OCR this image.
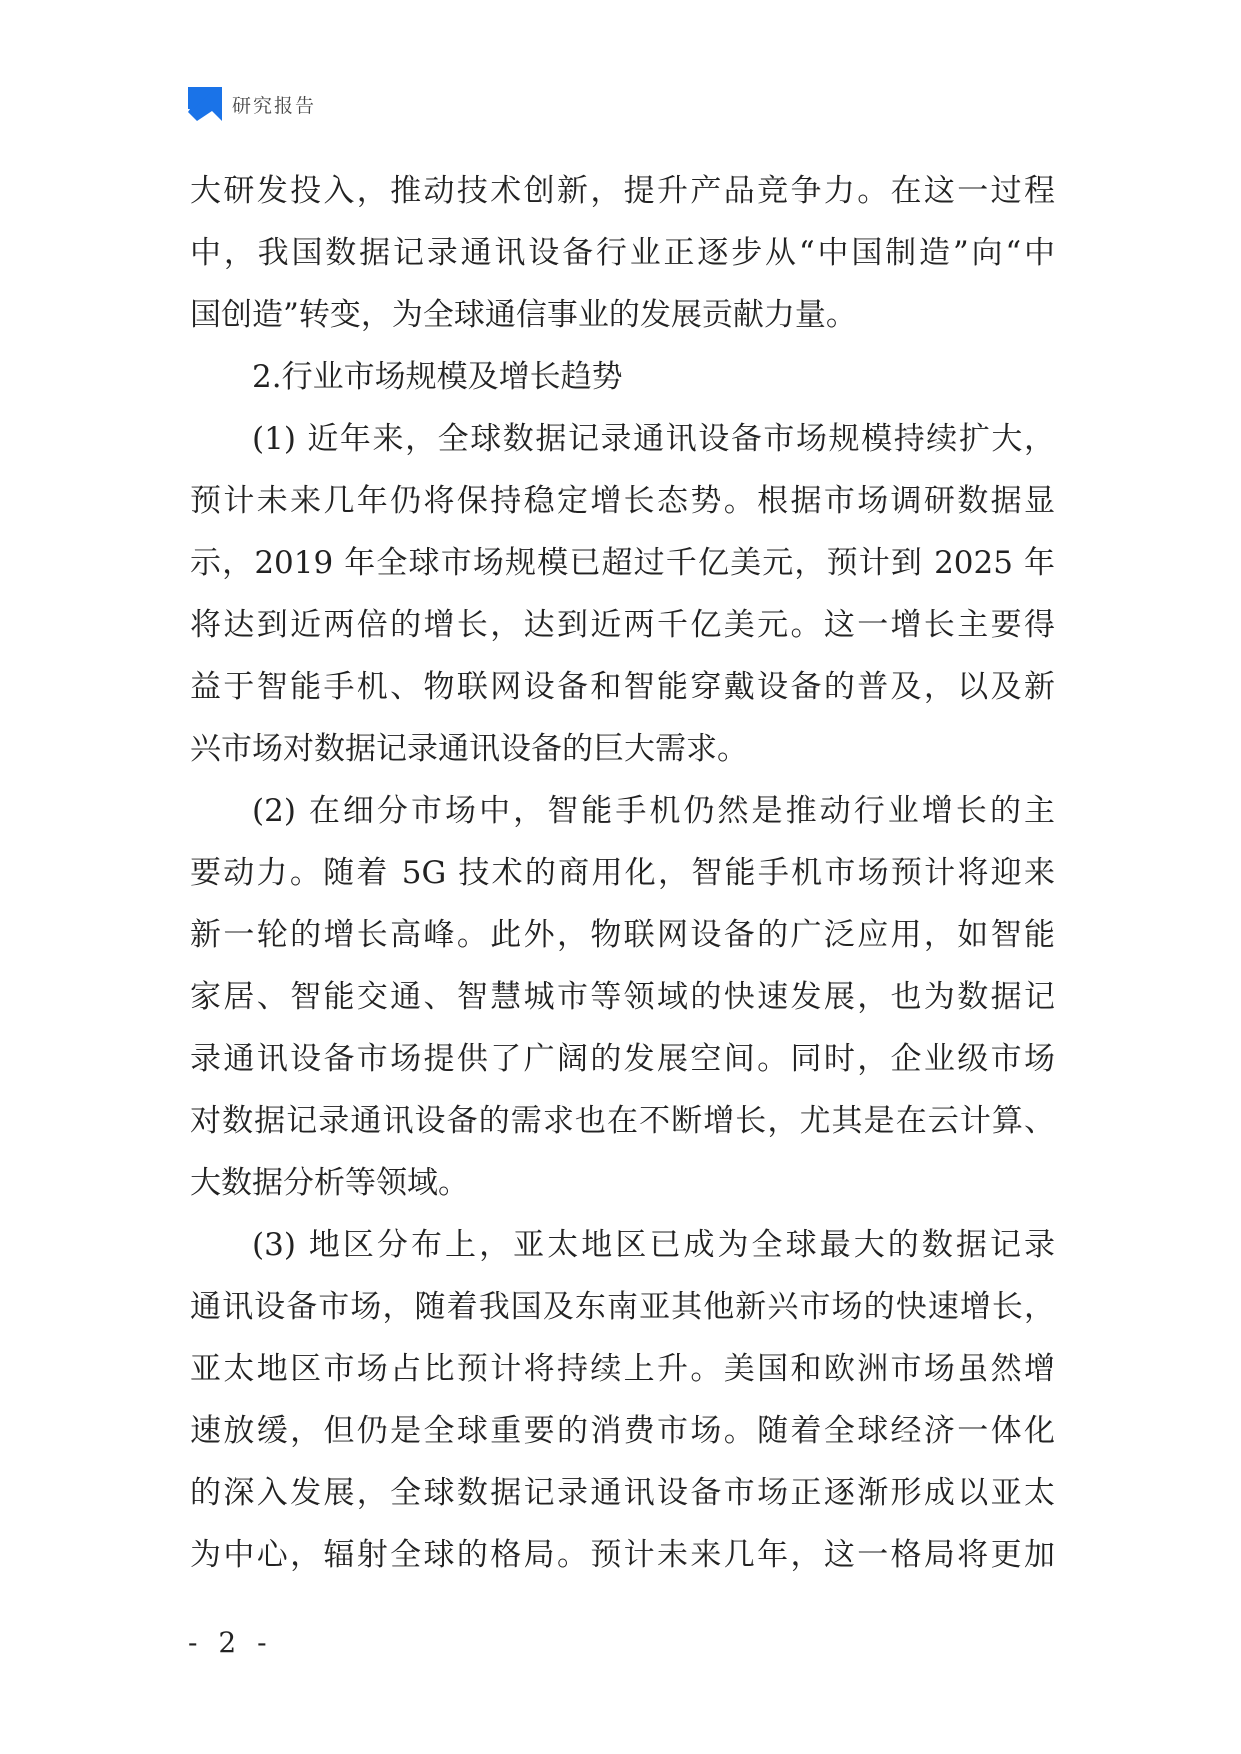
研究报告
大研发投入，推动技术创新，提升产品竞争力。在这一过程
中，我国数据记录通讯设备行业正逐步从“中国制造”向“中
国创造”转变，为全球通信事业的发展贡献力量。
2.行业市场规模及增长趋势
(1) 近年来，全球数据记录通讯设备市场规模持续扩大，
预计未来几年仍将保持稳定增长态势。根据市场调研数据显
示，2019 年全球市场规模已超过千亿美元，预计到 2025 年
将达到近两倍的增长，达到近两千亿美元。这一增长主要得
益于智能手机、物联网设备和智能穿戴设备的普及，以及新
兴市场对数据记录通讯设备的巨大需求。
(2) 在细分市场中，智能手机仍然是推动行业增长的主
要动力。随着 5G 技术的商用化，智能手机市场预计将迎来
新一轮的增长高峰。此外，物联网设备的广泛应用，如智能
家居、智能交通、智慧城市等领域的快速发展，也为数据记
录通讯设备市场提供了广阔的发展空间。同时，企业级市场
对数据记录通讯设备的需求也在不断增长，尤其是在云计算、
大数据分析等领域。
(3) 地区分布上，亚太地区已成为全球最大的数据记录
通讯设备市场，随着我国及东南亚其他新兴市场的快速增长，
亚太地区市场占比预计将持续上升。美国和欧洲市场虽然增
速放缓，但仍是全球重要的消费市场。随着全球经济一体化
的深入发展，全球数据记录通讯设备市场正逐渐形成以亚太
为中心，辐射全球的格局。预计未来几年，这一格局将更加
- 2 -
